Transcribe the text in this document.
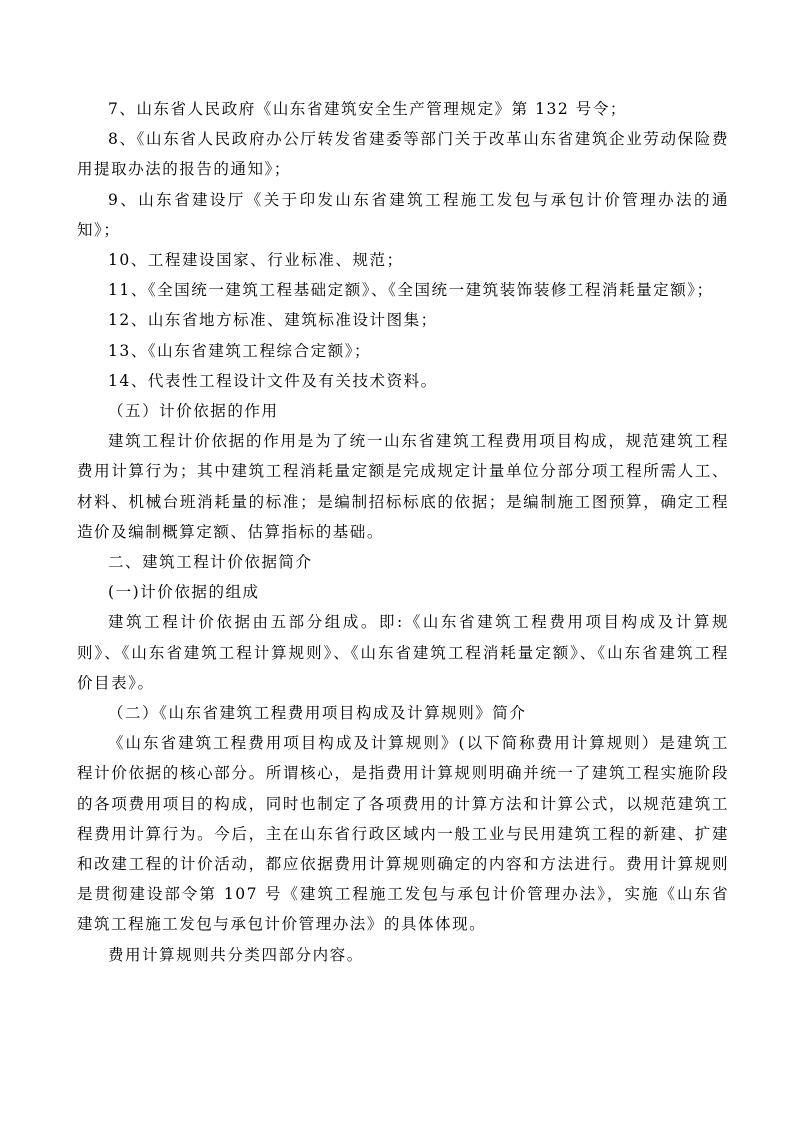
7、山东省人民政府《山东省建筑安全生产管理规定》第 132 号令；

8、《山东省人民政府办公厅转发省建委等部门关于改革山东省建筑企业劳动保险费用提取办法的报告的通知》；

9、山东省建设厅《关于印发山东省建筑工程施工发包与承包计价管理办法的通知》；

10、工程建设国家、行业标准、规范；

11、《全国统一建筑工程基础定额》、《全国统一建筑装饰装修工程消耗量定额》；

12、山东省地方标准、建筑标准设计图集；

13、《山东省建筑工程综合定额》；

14、代表性工程设计文件及有关技术资料。

（五）计价依据的作用

建筑工程计价依据的作用是为了统一山东省建筑工程费用项目构成，规范建筑工程费用计算行为；其中建筑工程消耗量定额是完成规定计量单位分部分项工程所需人工、材料、机械台班消耗量的标准；是编制招标标底的依据；是编制施工图预算，确定工程造价及编制概算定额、估算指标的基础。

二、建筑工程计价依据简介

(一)计价依据的组成

建筑工程计价依据由五部分组成。即:《山东省建筑工程费用项目构成及计算规则》、《山东省建筑工程计算规则》、《山东省建筑工程消耗量定额》、《山东省建筑工程价目表》。

（二）《山东省建筑工程费用项目构成及计算规则》简介

《山东省建筑工程费用项目构成及计算规则》(以下简称费用计算规则）是建筑工程计价依据的核心部分。所谓核心，是指费用计算规则明确并统一了建筑工程实施阶段的各项费用项目的构成，同时也制定了各项费用的计算方法和计算公式，以规范建筑工程费用计算行为。今后，主在山东省行政区域内一般工业与民用建筑工程的新建、扩建和改建工程的计价活动，都应依据费用计算规则确定的内容和方法进行。费用计算规则是贯彻建设部令第 107 号《建筑工程施工发包与承包计价管理办法》，实施《山东省建筑工程施工发包与承包计价管理办法》的具体体现。

费用计算规则共分类四部分内容。
